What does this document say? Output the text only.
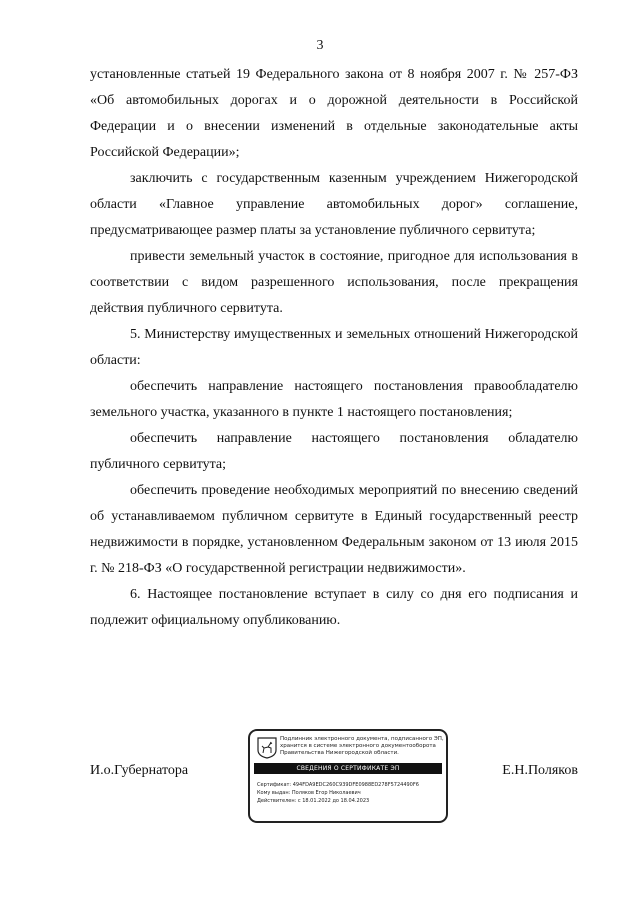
3

установленные статьей 19 Федерального закона от 8 ноября 2007 г. № 257-ФЗ «Об автомобильных дорогах и о дорожной деятельности в Российской Федерации и о внесении изменений в отдельные законодательные акты Российской Федерации»;

заключить с государственным казенным учреждением Нижегородской области «Главное управление автомобильных дорог» соглашение, предусматривающее размер платы за установление публичного сервитута;

привести земельный участок в состояние, пригодное для использования в соответствии с видом разрешенного использования, после прекращения действия публичного сервитута.

5. Министерству имущественных и земельных отношений Нижегородской области:

обеспечить направление настоящего постановления правообладателю земельного участка, указанного в пункте 1 настоящего постановления;

обеспечить направление настоящего постановления обладателю публичного сервитута;

обеспечить проведение необходимых мероприятий по внесению сведений об устанавливаемом публичном сервитуте в Единый государственный реестр недвижимости в порядке, установленном Федеральным законом от 13 июля 2015 г. № 218-ФЗ «О государственной регистрации недвижимости».

6. Настоящее постановление вступает в силу со дня его подписания и подлежит официальному опубликованию.

И.о.Губернатора	Е.Н.Поляков
Подлинник электронного документа, подписанного ЭП,
хранится в системе электронного документооборота
Правительства Нижегородской области.
СВЕДЕНИЯ О СЕРТИФИКАТЕ ЭП
Сертификат: 494FDA9EDC260C939DFE0988ED278F5724490F6
Кому выдан: Поляков Егор Николаевич
Действителен: с 18.01.2022 до 18.04.2023
